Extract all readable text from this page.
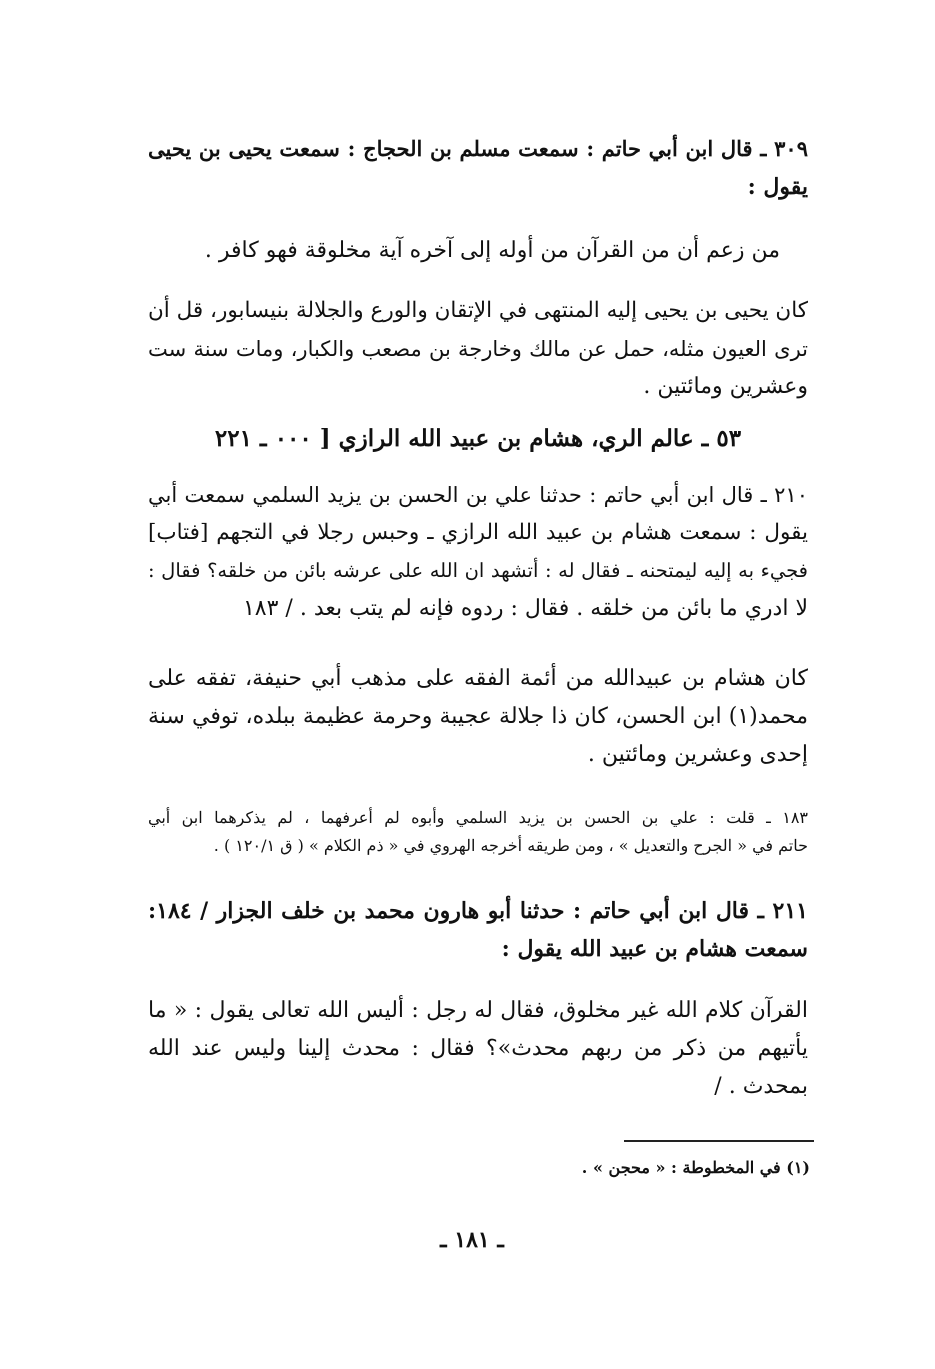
٣٠٩ ـ قال ابن أبي حاتم : سمعت مسلم بن الحجاج : سمعت يحيى بن يحيى
يقول :
من زعم أن من القرآن من أوله إلى آخره آية مخلوقة فهو كافر .
كان يحيى بن يحيى إليه المنتهى في الإتقان والورع والجلالة بنيسابور، قل أن
ترى العيون مثله، حمل عن مالك وخارجة بن مصعب والكبار، ومات سنة ست
وعشرين ومائتين .
٥٣ ـ عالم الري، هشام بن عبيد الله الرازي [ ٠٠٠ ـ ٢٢١
٢١٠ ـ قال ابن أبي حاتم : حدثنا علي بن الحسن بن يزيد السلمي سمعت أبي
يقول : سمعت هشام بن عبيد الله الرازي ـ وحبس رجلا في التجهم [فتاب]
فجيء به إليه ليمتحنه ـ فقال له : أتشهد ان الله على عرشه بائن من خلقه؟ فقال :
لا ادري ما بائن من خلقه . فقال : ردوه فإنه لم يتب بعد . / ١٨٣
كان هشام بن عبيدالله من أئمة الفقه على مذهب أبي حنيفة، تفقه على
محمد(١) ابن الحسن، كان ذا جلالة عجيبة وحرمة عظيمة ببلده، توفي سنة
إحدى وعشرين ومائتين .
١٨٣ ـ قلت : علي بن الحسن بن يزيد السلمي وأبوه لم أعرفهما ، لم يذكرهما ابن أبي
حاتم في « الجرح والتعديل » ، ومن طريقه أخرجه الهروي في « ذم الكلام » ( ق ١٢٠/١ ) .
٢١١ ـ قال ابن أبي حاتم : حدثنا أبو هارون محمد بن خلف الجزار / ١٨٤:
سمعت هشام بن عبيد الله يقول :
القرآن كلام الله غير مخلوق، فقال له رجل : أليس الله تعالى يقول : « ما
يأتيهم من ذكر من ربهم محدث»؟ فقال : محدث إلينا وليس عند الله
بمحدث . /
(١) في المخطوطة : « محجن » .
ـ ١٨١ ـ
